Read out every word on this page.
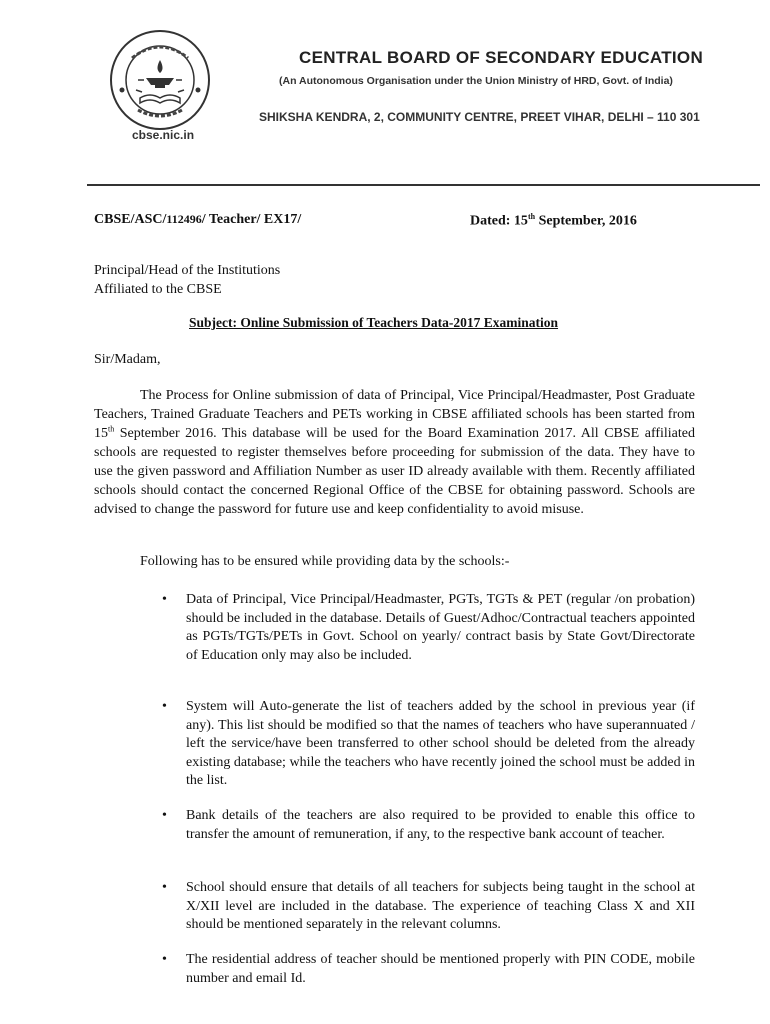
cbse.nic.in
CENTRAL BOARD OF SECONDARY EDUCATION
(An Autonomous Organisation under the Union Ministry of HRD, Govt. of India)
SHIKSHA KENDRA, 2, COMMUNITY CENTRE, PREET VIHAR, DELHI – 110 301
CBSE/ASC/112496/ Teacher/ EX17/	Dated: 15th September, 2016
Principal/Head of the Institutions
Affiliated to the CBSE
Subject: Online Submission of Teachers Data-2017 Examination
Sir/Madam,
The Process for Online submission of data of Principal, Vice Principal/Headmaster, Post Graduate Teachers, Trained Graduate Teachers and PETs working in CBSE affiliated schools has been started from 15th September 2016. This database will be used for the Board Examination 2017. All CBSE affiliated schools are requested to register themselves before proceeding for submission of the data. They have to use the given password and Affiliation Number as user ID already available with them. Recently affiliated schools should contact the concerned Regional Office of the CBSE for obtaining password. Schools are advised to change the password for future use and keep confidentiality to avoid misuse.
Following has to be ensured while providing data by the schools:-
• Data of Principal, Vice Principal/Headmaster, PGTs, TGTs & PET (regular /on probation) should be included in the database. Details of Guest/Adhoc/Contractual teachers appointed as PGTs/TGTs/PETs in Govt. School on yearly/ contract basis by State Govt/Directorate of Education only may also be included.
• System will Auto-generate the list of teachers added by the school in previous year (if any). This list should be modified so that the names of teachers who have superannuated / left the service/have been transferred to other school should be deleted from the already existing database; while the teachers who have recently joined the school must be added in the list.
• Bank details of the teachers are also required to be provided to enable this office to transfer the amount of remuneration, if any, to the respective bank account of teacher.
• School should ensure that details of all teachers for subjects being taught in the school at X/XII level are included in the database. The experience of teaching Class X and XII should be mentioned separately in the relevant columns.
• The residential address of teacher should be mentioned properly with PIN CODE, mobile number and email Id.
